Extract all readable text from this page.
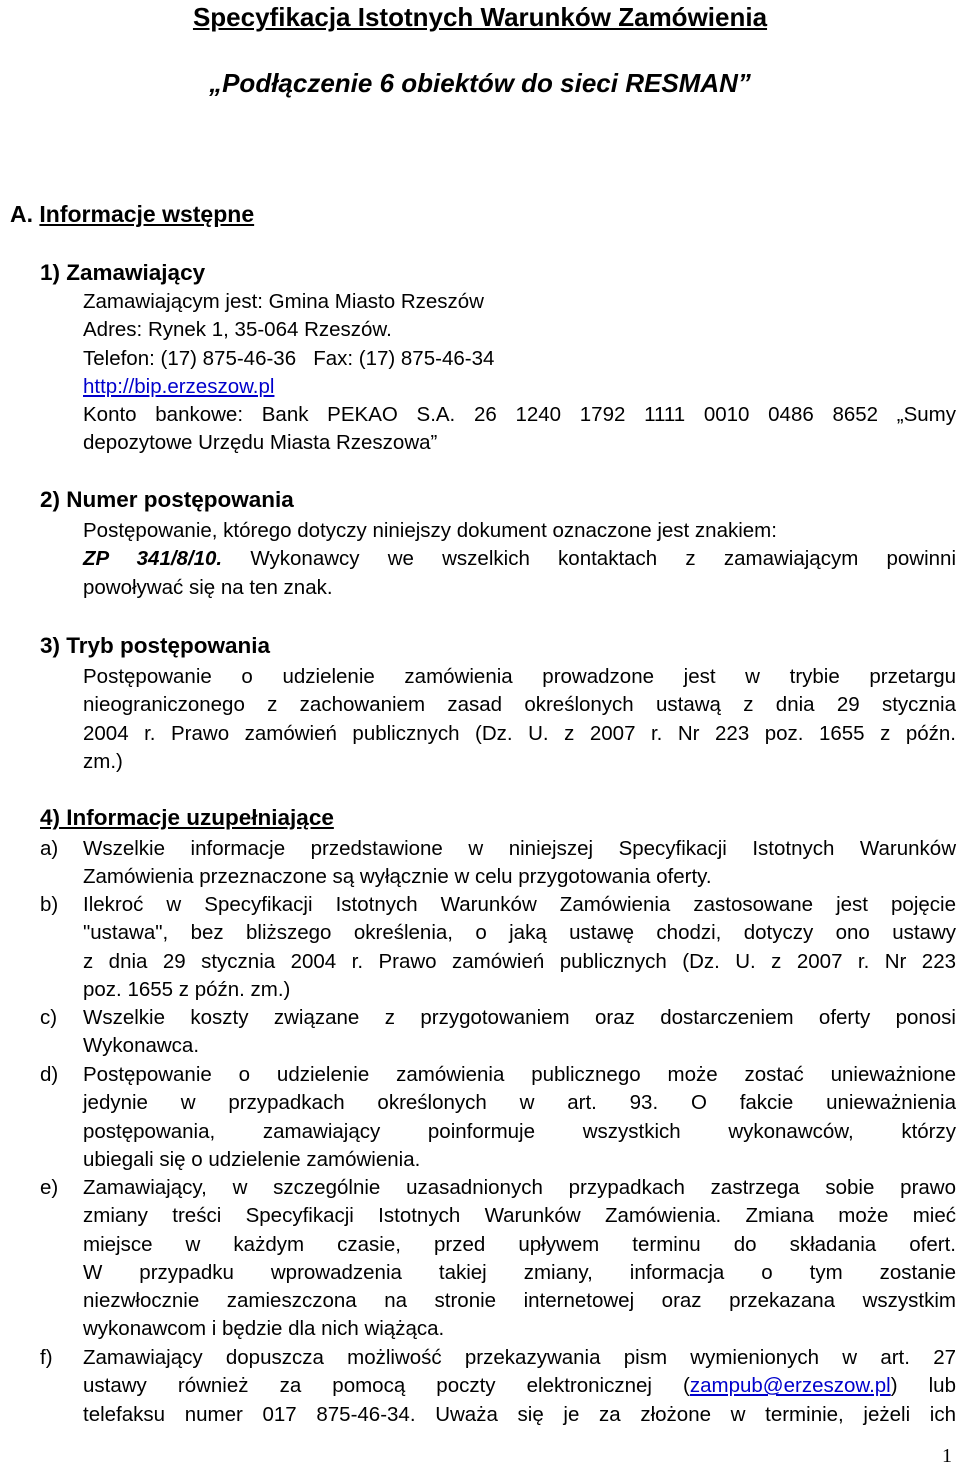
Specyfikacja Istotnych Warunków Zamówienia
„Podłączenie 6 obiektów do sieci RESMAN”
A. Informacje wstępne
1) Zamawiający
Zamawiającym jest: Gmina Miasto Rzeszów
Adres: Rynek 1, 35-064 Rzeszów.
Telefon: (17) 875-46-36   Fax: (17) 875-46-34
http://bip.erzeszow.pl
Konto bankowe: Bank PEKAO S.A. 26 1240 1792 1111 0010 0486 8652 „Sumy
depozytowe Urzędu Miasta Rzeszowa”
2) Numer postępowania
Postępowanie, którego dotyczy niniejszy dokument oznaczone jest znakiem:
ZP 341/8/10. Wykonawcy we wszelkich kontaktach z zamawiającym powinni
powoływać się na ten znak.
3) Tryb postępowania
Postępowanie o udzielenie zamówienia prowadzone jest w trybie przetargu
nieograniczonego z zachowaniem zasad określonych ustawą z dnia 29 stycznia
2004 r. Prawo zamówień publicznych (Dz. U. z 2007 r. Nr 223 poz. 1655 z późn.
zm.)
4) Informacje uzupełniające
a) Wszelkie informacje przedstawione w niniejszej Specyfikacji Istotnych Warunków
Zamówienia przeznaczone są wyłącznie w celu przygotowania oferty.
b) Ilekroć w Specyfikacji Istotnych Warunków Zamówienia zastosowane jest pojęcie
"ustawa", bez bliższego określenia, o jaką ustawę chodzi, dotyczy ono ustawy
z dnia 29 stycznia 2004 r. Prawo zamówień publicznych (Dz. U. z 2007 r. Nr 223
poz. 1655 z późn. zm.)
c) Wszelkie koszty związane z przygotowaniem oraz dostarczeniem oferty ponosi
Wykonawca.
d) Postępowanie o udzielenie zamówienia publicznego może zostać unieważnione
jedynie w przypadkach określonych w art. 93. O fakcie unieważnienia
postępowania, zamawiający poinformuje wszystkich wykonawców, którzy
ubiegali się o udzielenie zamówienia.
e) Zamawiający, w szczególnie uzasadnionych przypadkach zastrzega sobie prawo
zmiany treści Specyfikacji Istotnych Warunków Zamówienia. Zmiana może mieć
miejsce w każdym czasie, przed upływem terminu do składania ofert.
W przypadku wprowadzenia takiej zmiany, informacja o tym zostanie
niezwłocznie zamieszczona na stronie internetowej oraz przekazana wszystkim
wykonawcom i będzie dla nich wiążąca.
f) Zamawiający dopuszcza możliwość przekazywania pism wymienionych w art. 27
ustawy również za pomocą poczty elektronicznej (zampub@erzeszow.pl) lub
telefaksu numer 017 875-46-34. Uważa się je za złożone w terminie, jeżeli ich
1
